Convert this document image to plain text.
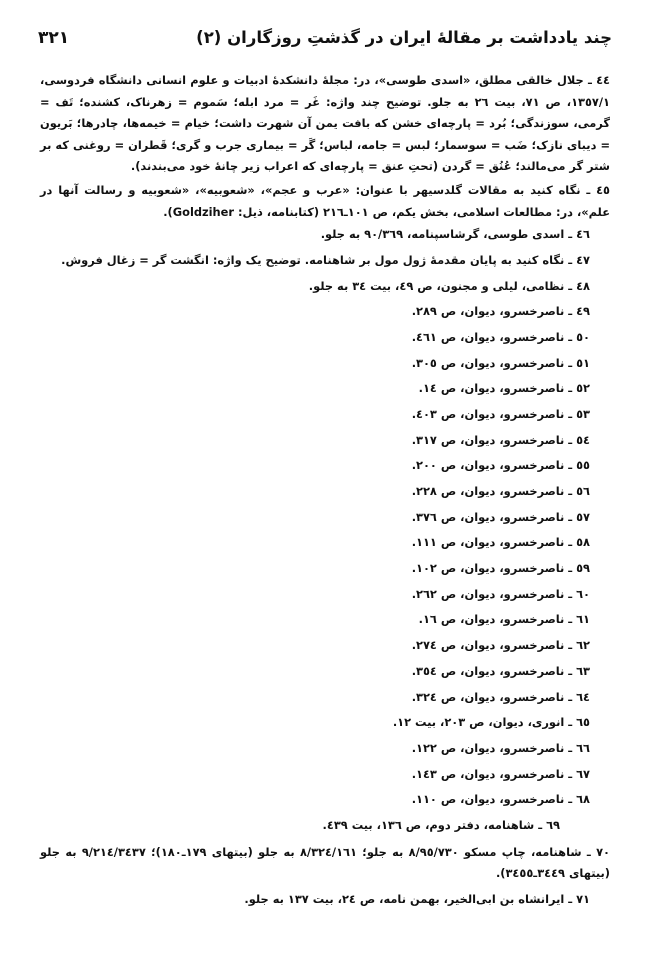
چند یادداشت بر مقالهٔ ایران در گذشتِ روزگاران (۲)
۳۲۱

٤٤ ـ جلال خالقی مطلق، «اسدی طوسی»، در: مجلهٔ دانشکدهٔ ادبیات و علوم انسانی دانشگاه فردوسی، ١٣٥٧/١، ص ٧١، بیت ٢٦ به جلو. توضیح چند واژه: غَر = مرد ابله؛ سَموم = زهرناک، کشنده؛ تَف = گرمی، سوزندگی؛ بُرد = پارچه‌ای خشن که بافت یمن آن شهرت داشت؛ خیام = خیمه‌ها، چادرها؛ بَریون = دیبای نازک؛ ضَب = سوسمار؛ لبس = جامه، لباس؛ گَر = بیماری جرب و گری؛ قَطران = روغنی که بر شتر گر می‌مالند؛ عُنُق = گردن (تحتِ عنق = پارچه‌ای که اعراب زیر چانهٔ خود می‌بندند).

٤٥ ـ نگاه کنید به مقالات گلدسیهر با عنوان: «عرب و عجم»، «شعوبیه»، «شعوبیه و رسالت آنها در علم»، در: مطالعات اسلامی، بخش یکم، ص ١٠١ـ٢١٦ (کتابنامه، ذیل: Goldziher).

٤٦ ـ اسدی طوسی، گرشاسپنامه، ٩٠/٣٦٩ به جلو.

٤٧ ـ نگاه کنید به پایان مقدمهٔ ژول مول بر شاهنامه. توضیح یک واژه: انگشت گر = زغال فروش.

٤٨ ـ نظامی، لیلی و مجنون، ص ٤٩، بیت ٣٤ به جلو.

٤٩ ـ ناصرخسرو، دیوان، ص ٢٨٩.

٥٠ ـ ناصرخسرو، دیوان، ص ٤٦١.

٥١ ـ ناصرخسرو، دیوان، ص ٣٠٥.

٥٢ ـ ناصرخسرو، دیوان، ص ١٤.

٥٣ ـ ناصرخسرو، دیوان، ص ٤٠٣.

٥٤ ـ ناصرخسرو، دیوان، ص ٣١٧.

٥٥ ـ ناصرخسرو، دیوان، ص ٢٠٠.

٥٦ ـ ناصرخسرو، دیوان، ص ٢٢٨.

٥٧ ـ ناصرخسرو، دیوان، ص ٣٧٦.

٥٨ ـ ناصرخسرو، دیوان، ص ١١١.

٥٩ ـ ناصرخسرو، دیوان، ص ١٠٢.

٦٠ ـ ناصرخسرو، دیوان، ص ٢٦٢.

٦١ ـ ناصرخسرو، دیوان، ص ١٦.

٦٢ ـ ناصرخسرو، دیوان، ص ٢٧٤.

٦٣ ـ ناصرخسرو، دیوان، ص ٣٥٤.

٦٤ ـ ناصرخسرو، دیوان، ص ٣٢٤.

٦٥ ـ انوری، دیوان، ص ٢٠٣، بیت ١٢.

٦٦ ـ ناصرخسرو، دیوان، ص ١٢٢.

٦٧ ـ ناصرخسرو، دیوان، ص ١٤٣.

٦٨ ـ ناصرخسرو، دیوان، ص ١١٠.

٦٩ ـ شاهنامه، دفتر دوم، ص ١٣٦، بیت ٤٣٩.

٧٠ ـ شاهنامه، چاپ مسکو ٨/٩٥/٧٣٠ به جلو؛ ٨/٣٢٤/١٦١ به جلو (بیتهای ١٧٩ـ١٨٠)؛ ٩/٢١٤/٣٤٣٧ به جلو (بیتهای ٣٤٤٩ـ٣٤٥٥).

٧١ ـ ایرانشاه بن ابی‌الخیر، بهمن نامه، ص ٢٤، بیت ١٣٧ به جلو.
